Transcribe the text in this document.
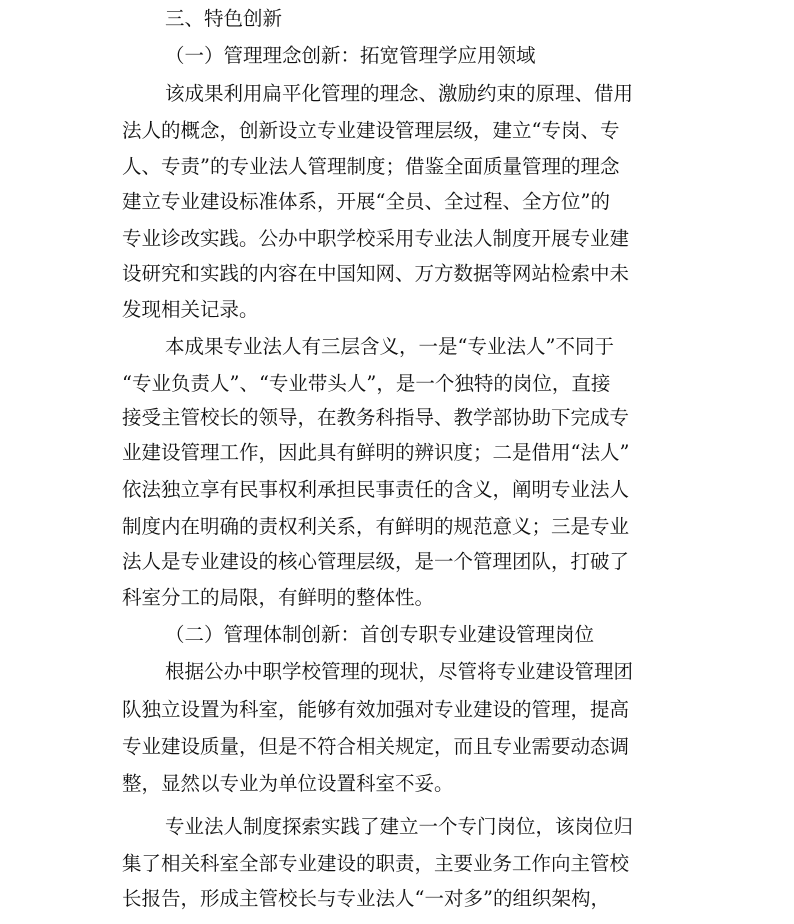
三、特色创新
（一）管理理念创新：拓宽管理学应用领域
该成果利用扁平化管理的理念、激励约束的原理、借用
法人的概念，创新设立专业建设管理层级，建立“专岗、专
人、专责”的专业法人管理制度；借鉴全面质量管理的理念
建立专业建设标准体系，开展“全员、全过程、全方位”的
专业诊改实践。公办中职学校采用专业法人制度开展专业建
设研究和实践的内容在中国知网、万方数据等网站检索中未
发现相关记录。
本成果专业法人有三层含义，一是“专业法人”不同于
“专业负责人”、“专业带头人”，是一个独特的岗位，直接
接受主管校长的领导，在教务科指导、教学部协助下完成专
业建设管理工作，因此具有鲜明的辨识度；二是借用“法人”
依法独立享有民事权利承担民事责任的含义，阐明专业法人
制度内在明确的责权利关系，有鲜明的规范意义；三是专业
法人是专业建设的核心管理层级，是一个管理团队，打破了
科室分工的局限，有鲜明的整体性。
（二）管理体制创新：首创专职专业建设管理岗位
根据公办中职学校管理的现状，尽管将专业建设管理团
队独立设置为科室，能够有效加强对专业建设的管理，提高
专业建设质量，但是不符合相关规定，而且专业需要动态调
整，显然以专业为单位设置科室不妥。
专业法人制度探索实践了建立一个专门岗位，该岗位归
集了相关科室全部专业建设的职责，主要业务工作向主管校
长报告，形成主管校长与专业法人“一对多”的组织架构，
